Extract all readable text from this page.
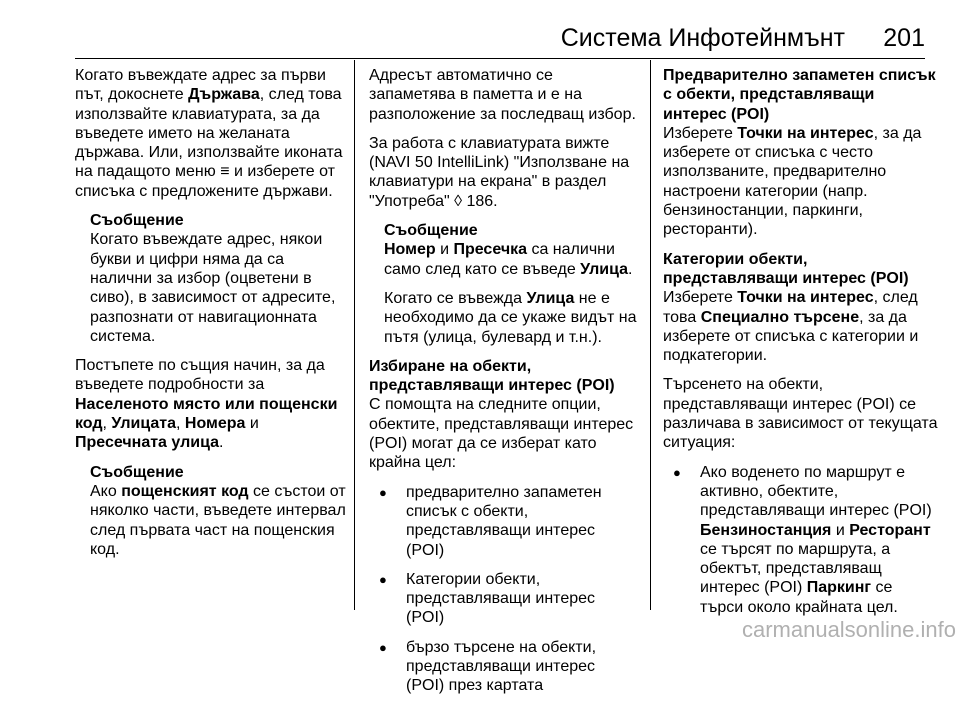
Система Инфотейнмънт 201

Когато въвеждате адрес за първи път, докоснете Държава, след това използвайте клавиатурата, за да въведете името на желаната държава. Или, използвайте иконата на падащото меню ≡ и изберете от списъка с предложените държави.

Съобщение

Когато въвеждате адрес, някои букви и цифри няма да са налични за избор (оцветени в сиво), в зависимост от адресите, разпознати от навигационната система.

Постъпете по същия начин, за да въведете подробности за Населеното място или пощенски код, Улицата, Номера и Пресечната улица.

Съобщение

Ако пощенският код се състои от няколко части, въведете интервал след първата част на пощенския код.

Адресът автоматично се запаметява в паметта и е на разположение за последващ избор.

За работа с клавиатурата вижте (NAVI 50 IntelliLink) "Използване на клавиатури на екрана" в раздел "Употреба" ◊ 186.

Съобщение

Номер и Пресечка са налични само след като се въведе Улица.

Когато се въвежда Улица не е необходимо да се укаже видът на пътя (улица, булевард и т.н.).

Избиране на обекти, представляващи интерес (POI)

С помощта на следните опции, обектите, представляващи интерес (POI) могат да се изберат като крайна цел:

● предварително запаметен списък с обекти, представляващи интерес (POI)
● Категории обекти, представляващи интерес (POI)
● бързо търсене на обекти, представляващи интерес (POI) през картата

Предварително запаметен списък с обекти, представляващи интерес (POI)

Изберете Точки на интерес, за да изберете от списъка с често използваните, предварително настроени категории (напр. бензиностанции, паркинги, ресторанти).

Категории обекти, представляващи интерес (POI)

Изберете Точки на интерес, след това Специално търсене, за да изберете от списъка с категории и подкатегории.

Търсенето на обекти, представляващи интерес (POI) се различава в зависимост от текущата ситуация:

● Ако воденето по маршрут е активно, обектите, представляващи интерес (POI) Бензиностанция и Ресторант се търсят по маршрута, а обектът, представляващ интерес (POI) Паркинг се търси около крайната цел.
carmanualsonline.info
